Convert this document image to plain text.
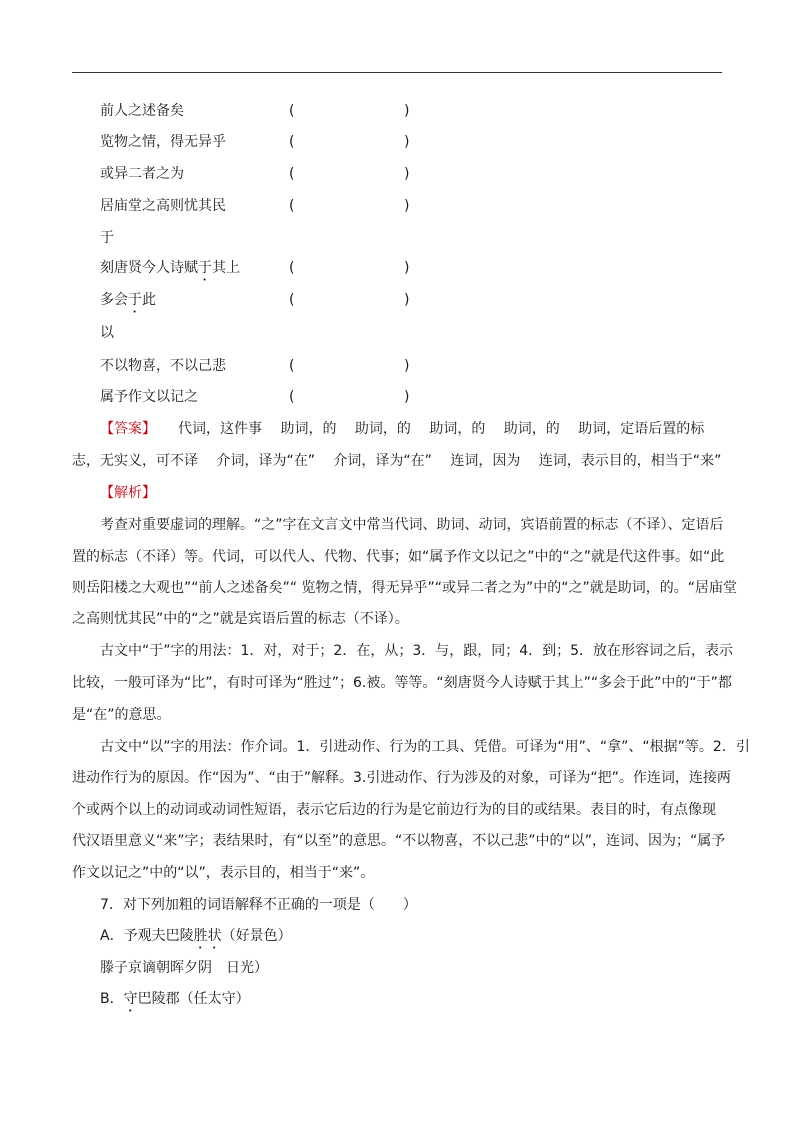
前人之述备矣	(	)
览物之情，得无异乎	(	)
或异二者之为	(	)
居庙堂之高则忧其民	(	)
于
刻唐贤今人诗赋于其上	(	)
多会于此	(	)
以
不以物喜，不以己悲	(	)
属予作文以记之	(	)
【答案】 代词，这件事　 助词，的　 助词，的　 助词，的　 助词，的　 助词，定语后置的标
志，无实义，可不译　 介词，译为“在”　 介词，译为“在”　 连词，因为　 连词，表示目的，相当于“来”
【解析】
考查对重要虚词的理解。“之”字在文言文中常当代词、助词、动词，宾语前置的标志（不译）、定语后
置的标志（不译）等。代词，可以代人、代物、代事；如“属予作文以记之”中的“之”就是代这件事。如“此
则岳阳楼之大观也”“前人之述备矣”“ 览物之情，得无异乎”“或异二者之为”中的“之”就是助词，的。“居庙堂
之高则忧其民”中的“之”就是宾语后置的标志（不译）。
古文中“于”字的用法：1．对，对于；2．在，从；3．与，跟，同；4．到；5．放在形容词之后，表示
比较，一般可译为“比”，有时可译为“胜过”；6.被。等等。“刻唐贤今人诗赋于其上”“多会于此”中的“于”都
是“在”的意思。
古文中“以”字的用法：作介词。1．引进动作、行为的工具、凭借。可译为“用”、“拿”、“根据”等。2．引
进动作行为的原因。作“因为”、“由于”解释。3.引进动作、行为涉及的对象，可译为“把”。作连词，连接两
个或两个以上的动词或动词性短语，表示它后边的行为是它前边行为的目的或结果。表目的时，有点像现
代汉语里意义“来”字；表结果时，有“以至”的意思。“不以物喜，不以己悲”中的“以”，连词、因为；“属予
作文以记之”中的“以”，表示目的，相当于“来”。
7．对下列加粗的词语解释不正确的一项是（　　）
A．予观夫巴陵胜状（好景色）
滕子京谪朝晖夕阴　日光）
B．守巴陵郡（任太守）
